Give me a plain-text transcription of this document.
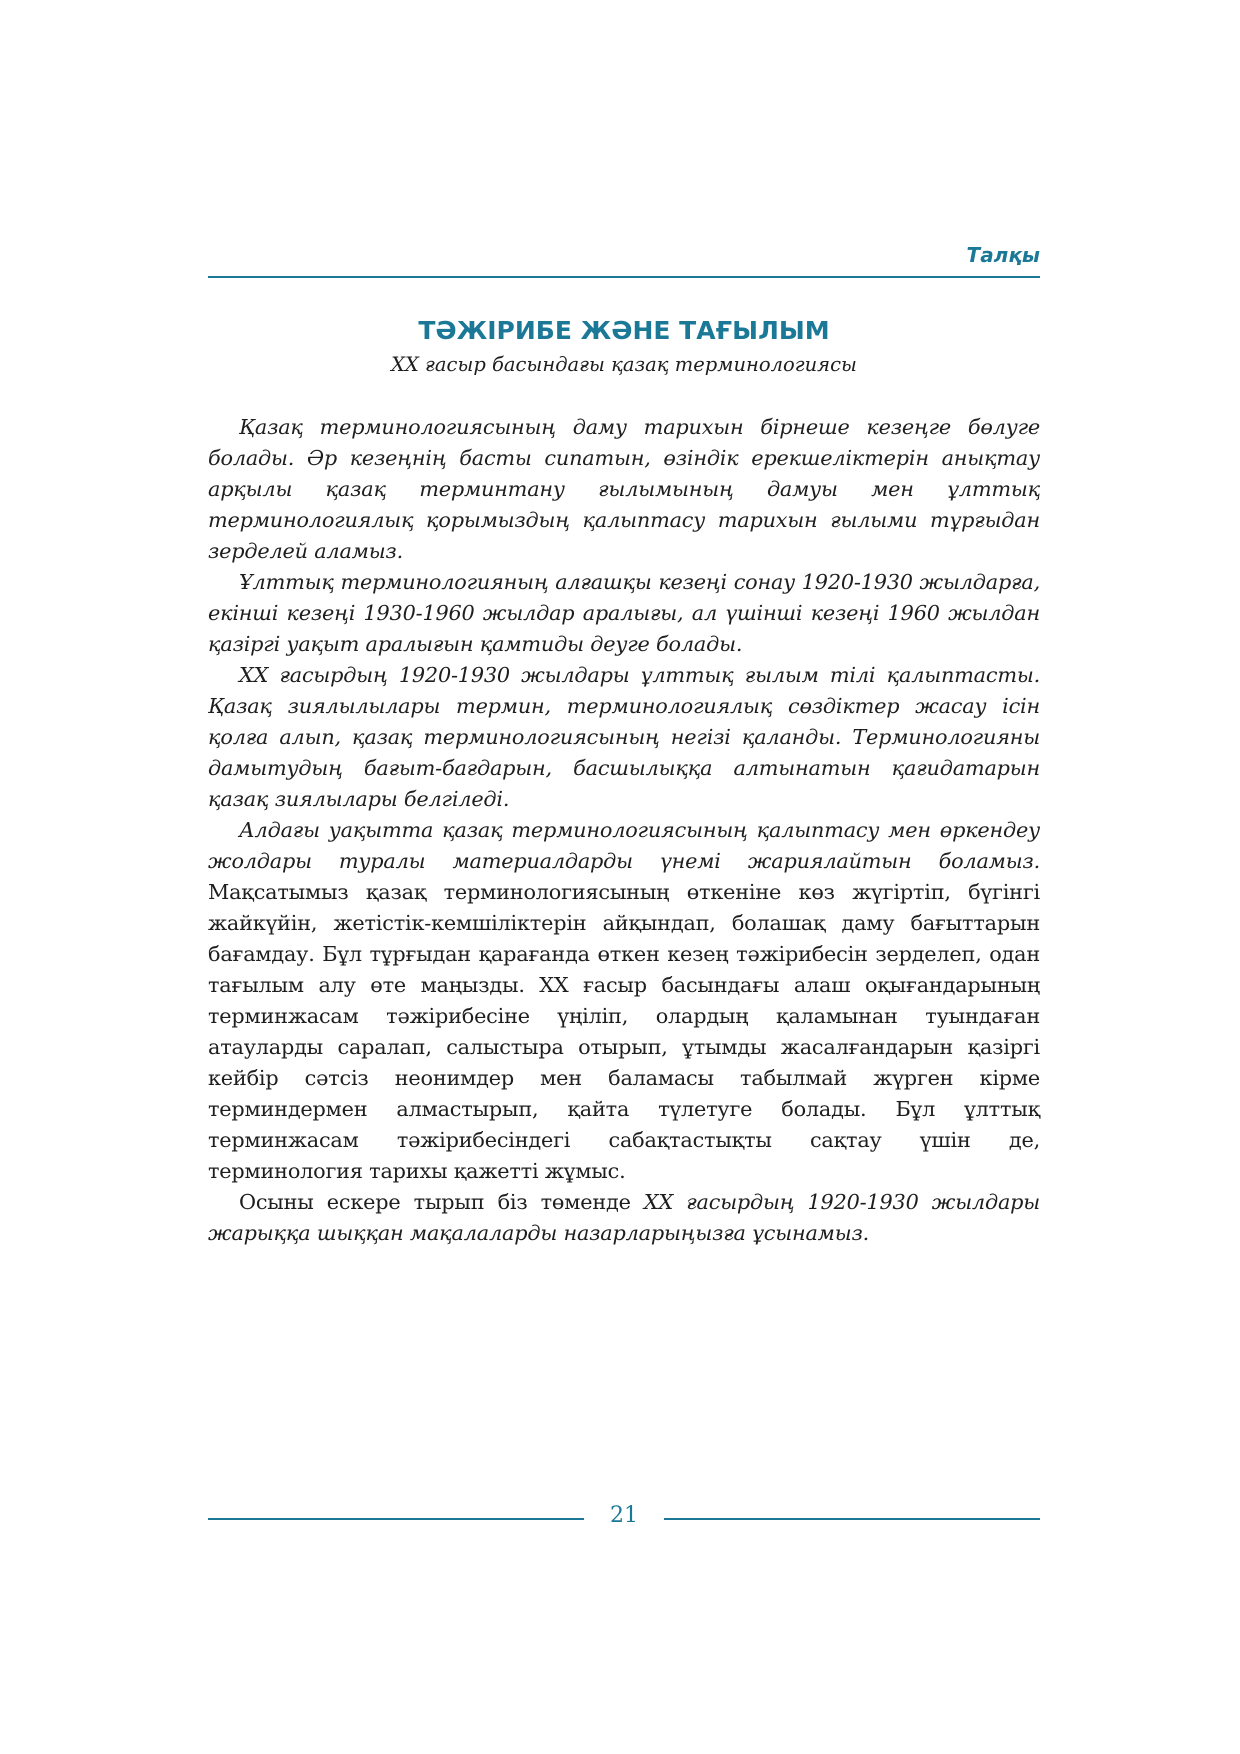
Талқы
ТӘЖІРИБЕ ЖӘНЕ ТАҒЫЛЫМ
XX ғасыр басындағы қазақ терминологиясы

Қазақ терминологиясының даму тарихын бірнеше кезеңге бөлуге болады. Әр кезеңнің басты сипатын, өзіндік ерекшеліктерін анықтау арқылы қазақ терминтану ғылымының дамуы мен ұлттық терминологиялық қорымыздың қалыптасу тарихын ғылыми тұрғыдан зерделей аламыз.

Ұлттық терминологияның алғашқы кезеңі сонау 1920-1930 жылдарға, екінші кезеңі 1930-1960 жылдар аралығы, ал үшінші кезеңі 1960 жылдан қазіргі уақыт аралығын қамтиды деуге болады.

XX ғасырдың 1920-1930 жылдары ұлттық ғылым тілі қалыптасты. Қазақ зиялылылары термин, терминологиялық сөздіктер жасау ісін қолға алып, қазақ терминологиясының негізі қаланды. Терминологияны дамытудың бағыт-бағдарын, басшылыққа алтынатын қағидатарын қазақ зиялылары белгіледі.

Алдағы уақытта қазақ терминологиясының қалыптасу мен өркендеу жолдары туралы материалдарды үнемі жариялайтын боламыз. Мақсатымыз қазақ терминологиясының өткеніне көз жүгіртіп, бүгінгі жайкүйін, жетістік-кемшіліктерін айқындап, болашақ даму бағыттарын бағамдау. Бұл тұрғыдан қарағанда өткен кезең тәжірибесін зерделеп, одан тағылым алу өте маңызды. XX ғасыр басындағы алаш оқығандарының терминжасам тәжірибесіне үңіліп, олардың қаламынан туындаған атауларды саралап, салыстыра отырып, ұтымды жасалғандарын қазіргі кейбір сәтсіз неонимдер мен баламасы табылмай жүрген кірме терминдермен алмастырып, қайта түлетуге болады. Бұл ұлттық терминжасам тәжірибесіндегі сабақтастықты сақтау үшін де, терминология тарихы қажетті жұмыс.

Осыны ескере тырып біз төменде XX ғасырдың 1920-1930 жылдары жарыққа шыққан мақалаларды назарларыңызға ұсынамыз.

21
